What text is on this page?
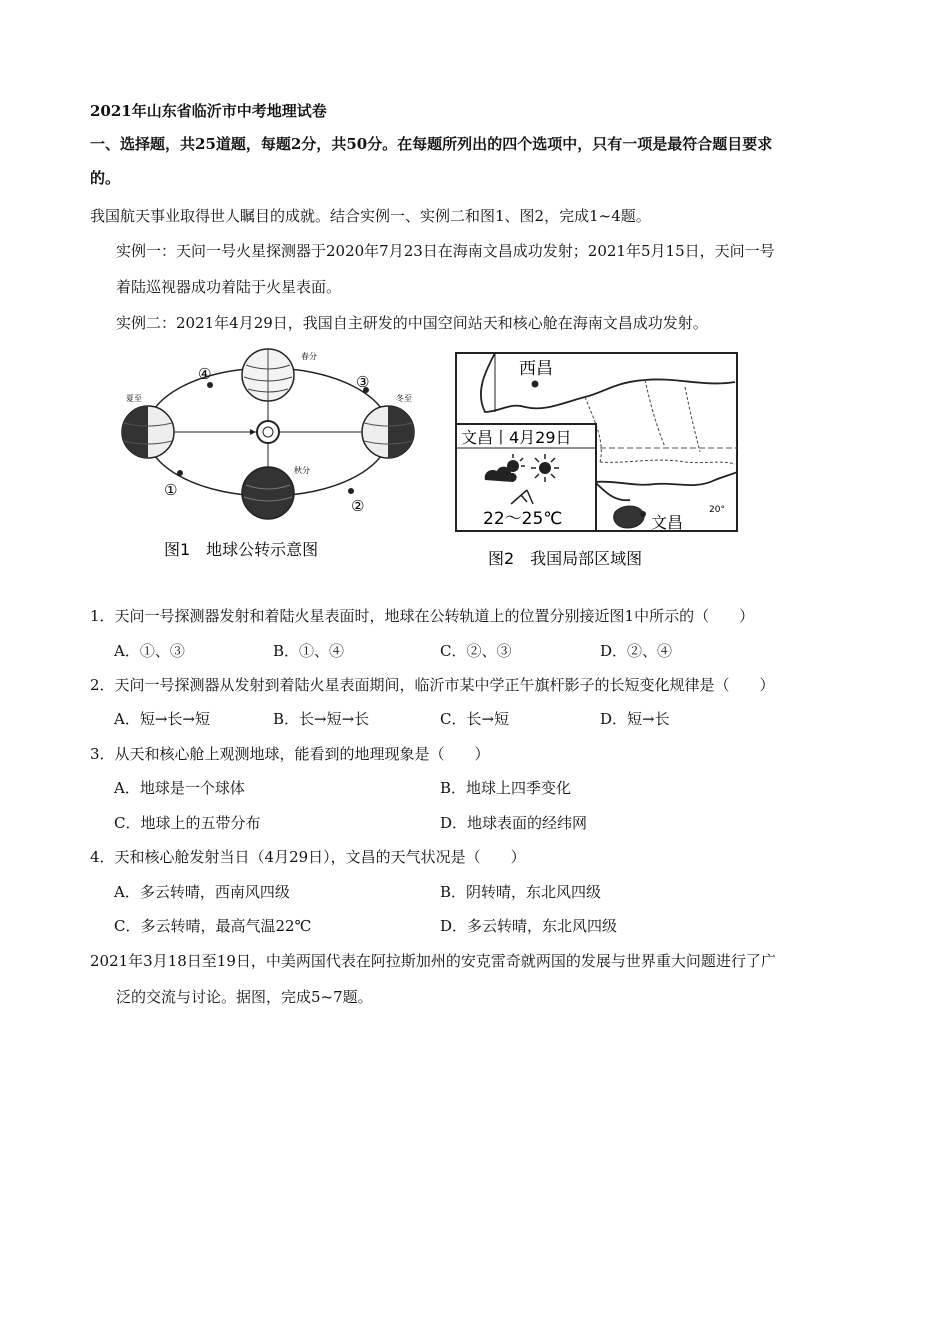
2021年山东省临沂市中考地理试卷
一、选择题，共25道题，每题2分，共50分。在每题所列出的四个选项中，只有一项是最符合题目要求
的。
我国航天事业取得世人瞩目的成就。结合实例一、实例二和图1、图2，完成1~4题。
实例一：天问一号火星探测器于2020年7月23日在海南文昌成功发射；2021年5月15日，天问一号
着陆巡视器成功着陆于火星表面。
实例二：2021年4月29日，我国自主研发的中国空间站天和核心舱在海南文昌成功发射。
春分
秋分
夏至	冬至
①
②
③
④
图1　地球公转示意图
西昌
文昌丨4月29日
22～25℃	文昌
20°
图2　我国局部区域图
1．天问一号探测器发射和着陆火星表面时，地球在公转轨道上的位置分别接近图1中所示的（　　）
A．①、③	B．①、④	C．②、③	D．②、④
2．天问一号探测器从发射到着陆火星表面期间，临沂市某中学正午旗杆影子的长短变化规律是（　　）
A．短→长→短	B．长→短→长	C．长→短	D．短→长
3．从天和核心舱上观测地球，能看到的地理现象是（　　）
A．地球是一个球体	B．地球上四季变化
C．地球上的五带分布	D．地球表面的经纬网
4．天和核心舱发射当日（4月29日），文昌的天气状况是（　　）
A．多云转晴，西南风四级	B．阴转晴，东北风四级
C．多云转晴，最高气温22℃	D．多云转晴，东北风四级
2021年3月18日至19日，中美两国代表在阿拉斯加州的安克雷奇就两国的发展与世界重大问题进行了广
泛的交流与讨论。据图，完成5~7题。
